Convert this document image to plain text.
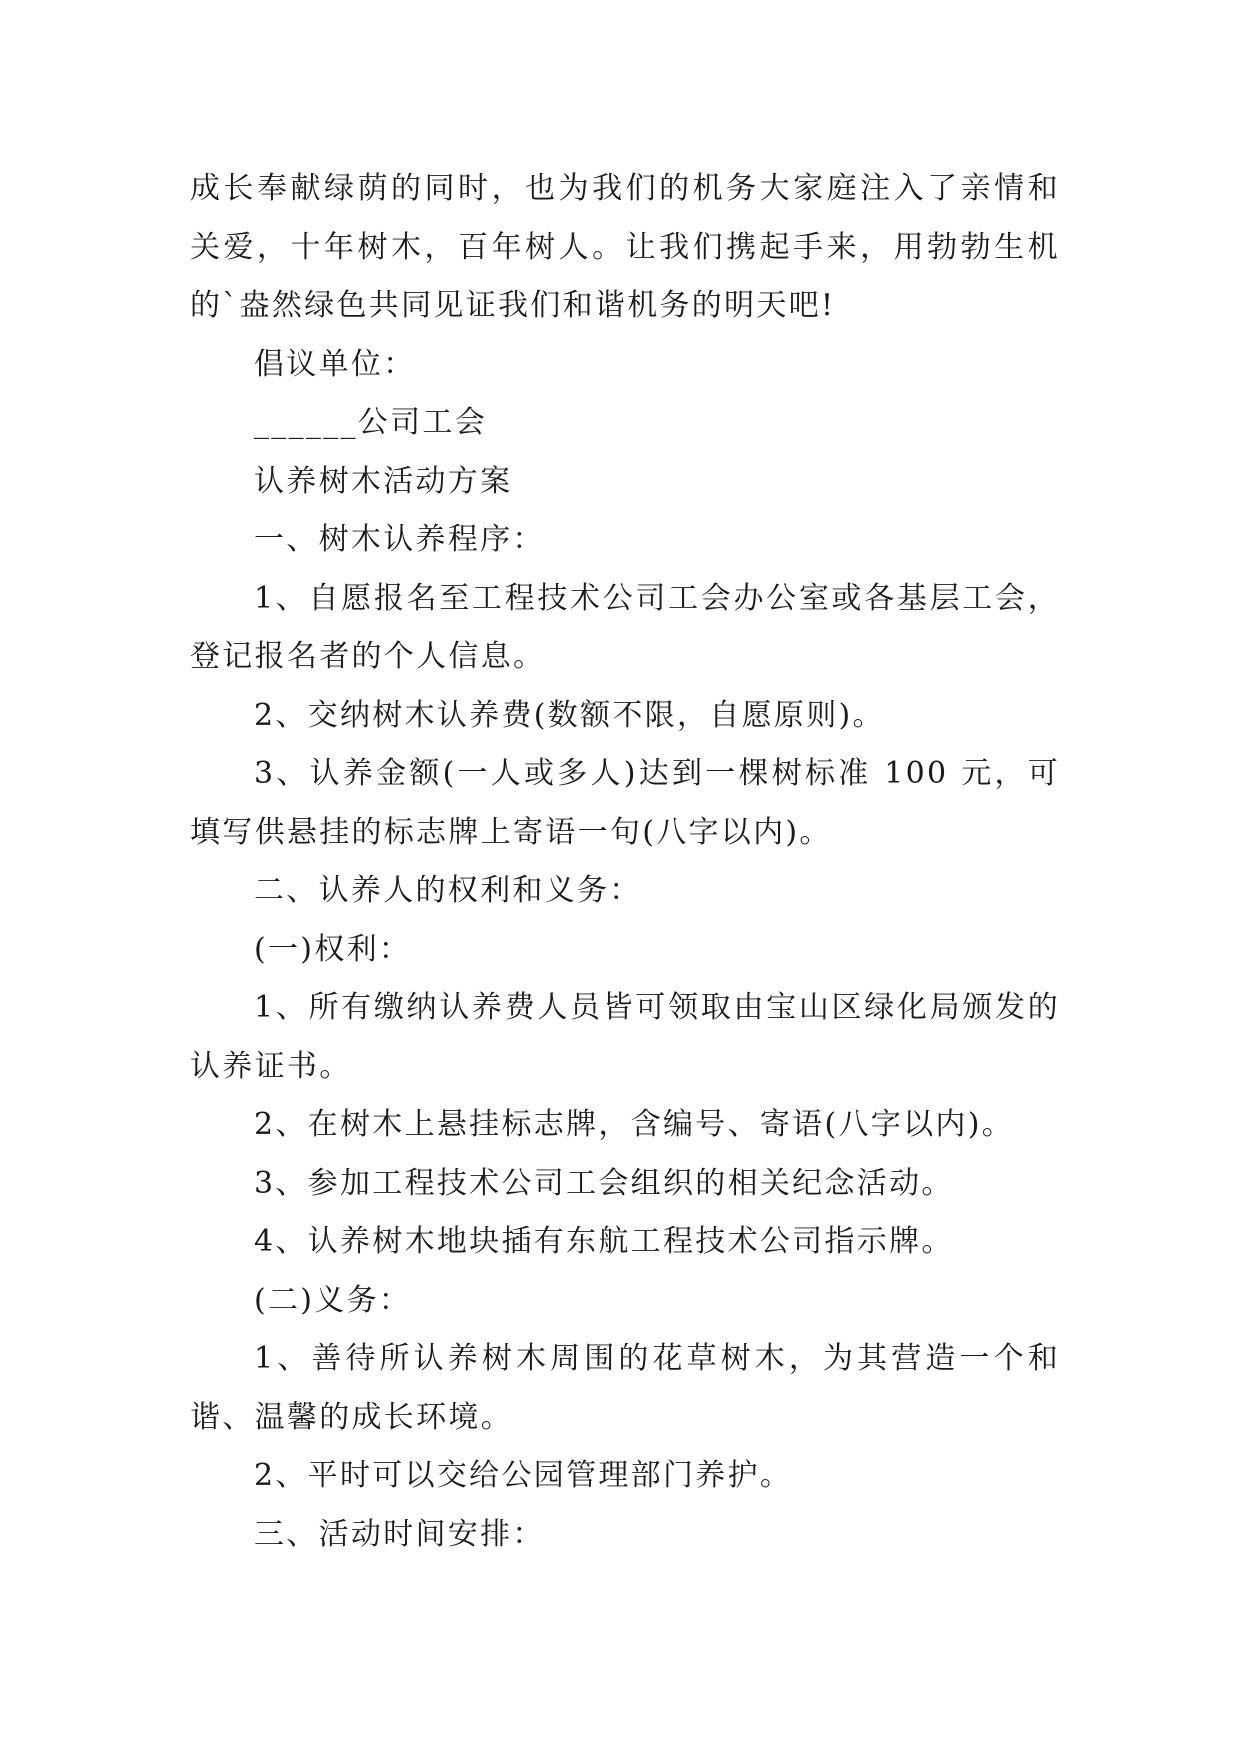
成长奉献绿荫的同时，也为我们的机务大家庭注入了亲情和关爱，十年树木，百年树人。让我们携起手来，用勃勃生机的`盎然绿色共同见证我们和谐机务的明天吧!

倡议单位：

______公司工会

认养树木活动方案

一、树木认养程序：

1、自愿报名至工程技术公司工会办公室或各基层工会，登记报名者的个人信息。

2、交纳树木认养费(数额不限，自愿原则)。

3、认养金额(一人或多人)达到一棵树标准 100 元，可填写供悬挂的标志牌上寄语一句(八字以内)。

二、认养人的权利和义务：

(一)权利：

1、所有缴纳认养费人员皆可领取由宝山区绿化局颁发的认养证书。

2、在树木上悬挂标志牌，含编号、寄语(八字以内)。

3、参加工程技术公司工会组织的相关纪念活动。

4、认养树木地块插有东航工程技术公司指示牌。

(二)义务：

1、善待所认养树木周围的花草树木，为其营造一个和谐、温馨的成长环境。

2、平时可以交给公园管理部门养护。

三、活动时间安排：
